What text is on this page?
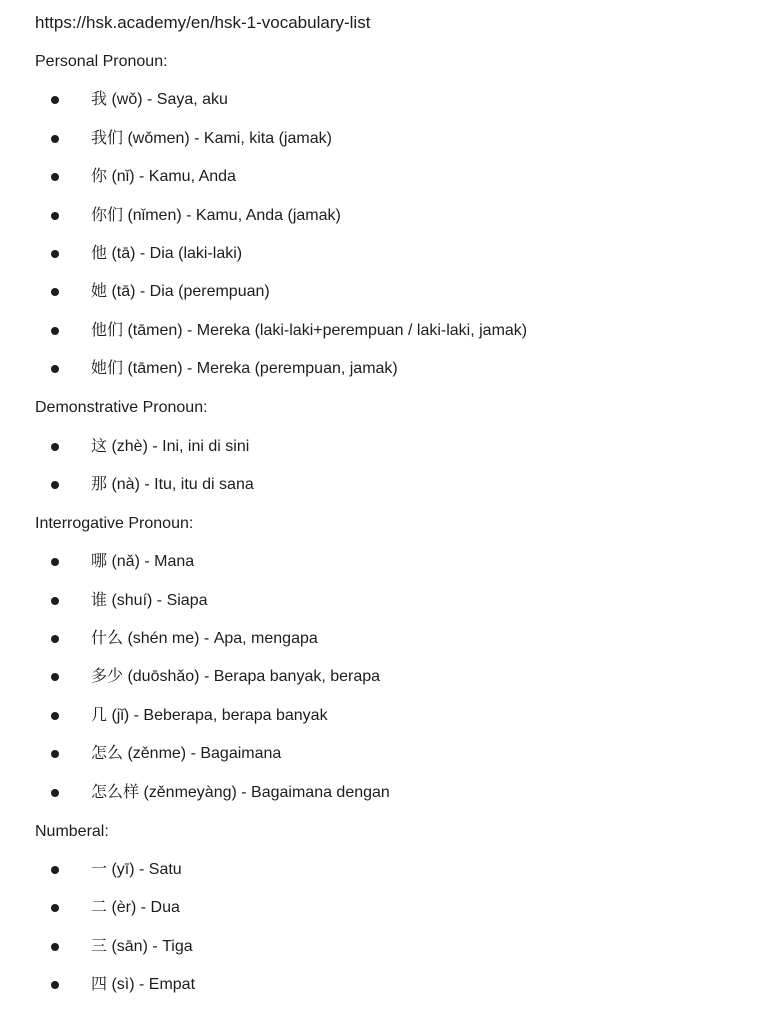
https://hsk.academy/en/hsk-1-vocabulary-list
Personal Pronoun:
我 (wǒ) - Saya, aku
我们 (wǒmen) - Kami, kita (jamak)
你 (nǐ) - Kamu, Anda
你们 (nǐmen) - Kamu, Anda (jamak)
他 (tā) - Dia (laki-laki)
她 (tā) - Dia (perempuan)
他们 (tāmen) - Mereka (laki-laki+perempuan / laki-laki, jamak)
她们 (tāmen) - Mereka (perempuan, jamak)
Demonstrative Pronoun:
这 (zhè) - Ini, ini di sini
那 (nà) - Itu, itu di sana
Interrogative Pronoun:
哪 (nǎ) - Mana
谁 (shuí) - Siapa
什么 (shén me) - Apa, mengapa
多少 (duōshǎo) - Berapa banyak, berapa
几 (jǐ) - Beberapa, berapa banyak
怎么 (zěnme) - Bagaimana
怎么样 (zěnmeyàng) - Bagaimana dengan
Numberal:
一 (yī) - Satu
二 (èr) - Dua
三 (sān) - Tiga
四 (sì) - Empat
